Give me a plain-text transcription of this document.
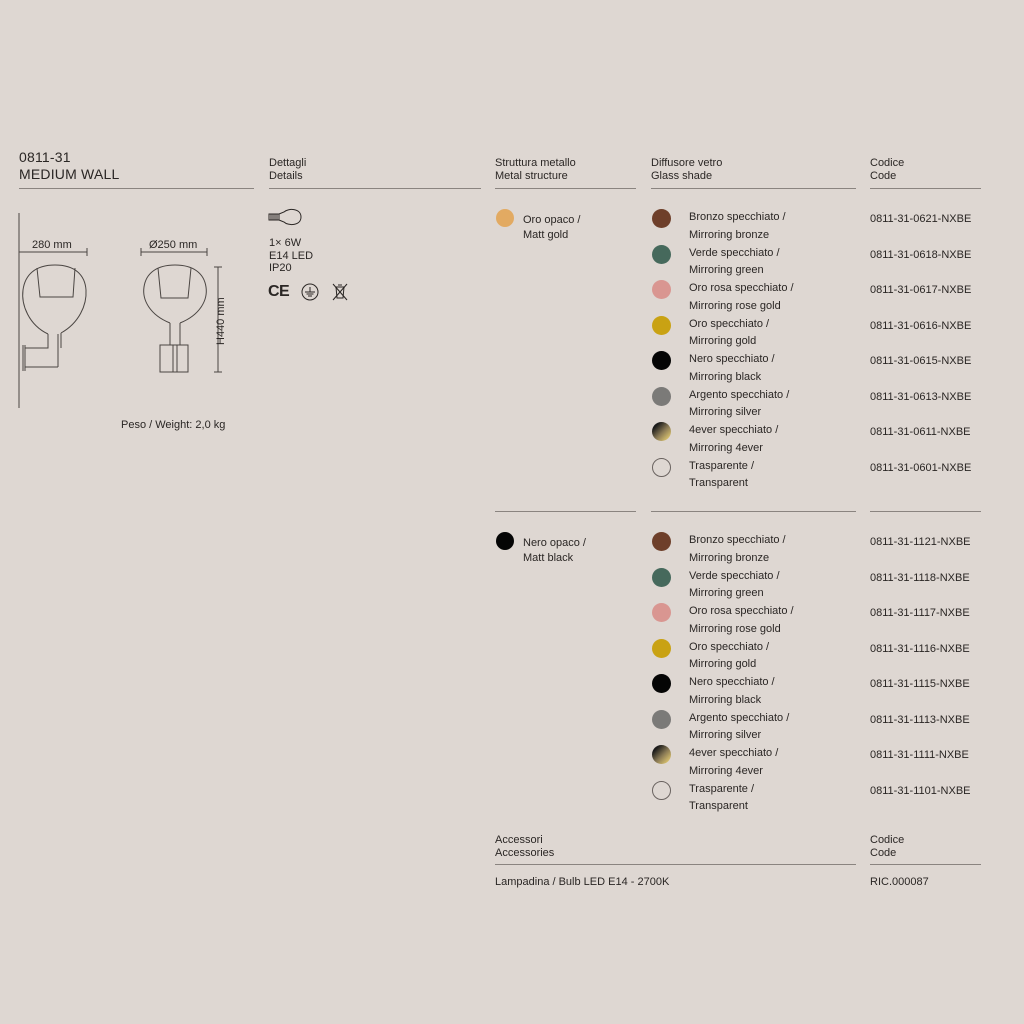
0811-31
MEDIUM WALL
280 mm	Ø250 mm
H440 mm
Peso / Weight: 2,0 kg
Dettagli
Details
1× 6W
E14 LED
IP20
CE
Struttura metallo
Metal structure
Diffusore vetro
Glass shade
Codice
Code
Oro opaco /
Matt gold
Bronzo specchiato /
Mirroring bronze
0811-31-0621-NXBE
Verde specchiato /
Mirroring green
0811-31-0618-NXBE
Oro rosa specchiato /
Mirroring rose gold
0811-31-0617-NXBE
Oro specchiato /
Mirroring gold
0811-31-0616-NXBE
Nero specchiato /
Mirroring black
0811-31-0615-NXBE
Argento specchiato /
Mirroring silver
0811-31-0613-NXBE
4ever specchiato /
Mirroring 4ever
0811-31-0611-NXBE
Trasparente /
Transparent
0811-31-0601-NXBE
Nero opaco /
Matt black
Bronzo specchiato /
Mirroring bronze
0811-31-1121-NXBE
Verde specchiato /
Mirroring green
0811-31-1118-NXBE
Oro rosa specchiato /
Mirroring rose gold
0811-31-1117-NXBE
Oro specchiato /
Mirroring gold
0811-31-1116-NXBE
Nero specchiato /
Mirroring black
0811-31-1115-NXBE
Argento specchiato /
Mirroring silver
0811-31-1113-NXBE
4ever specchiato /
Mirroring 4ever
0811-31-1111-NXBE
Trasparente /
Transparent
0811-31-1101-NXBE
Accessori
Accessories
Codice
Code
Lampadina / Bulb LED E14 - 2700K	RIC.000087
